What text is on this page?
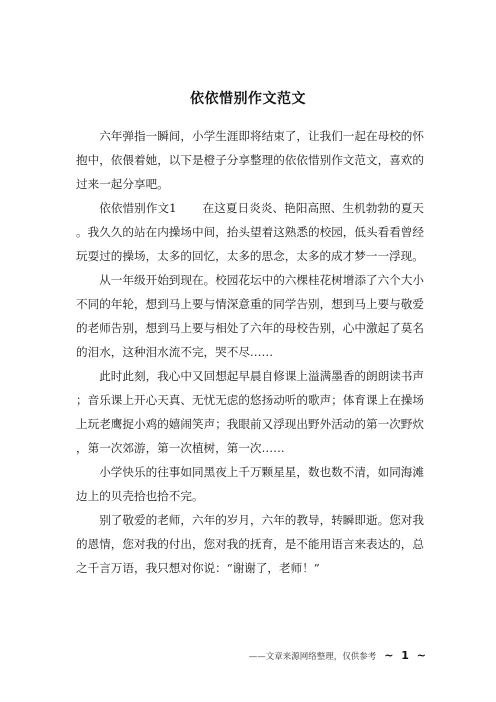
依依惜别作文范文

六年弹指一瞬间，小学生涯即将结束了，让我们一起在母校的怀抱中，依偎着她，以下是橙子分享整理的依依惜别作文范文，喜欢的过来一起分享吧。

依依惜别作文1 在这夏日炎炎、艳阳高照、生机勃勃的夏天。我久久的站在内操场中间，抬头望着这熟悉的校园，低头看看曾经玩耍过的操场，太多的回忆，太多的思念，太多的成才梦一一浮现。

从一年级开始到现在。校园花坛中的六棵桂花树增添了六个大小不同的年轮，想到马上要与情深意重的同学告别，想到马上要与敬爱的老师告别，想到马上要与相处了六年的母校告别，心中激起了莫名的泪水，这种泪水流不完，哭不尽……

此时此刻，我心中又回想起早晨自修课上溢满墨香的朗朗读书声；音乐课上开心天真、无忧无虑的悠扬动听的歌声；体育课上在操场上玩老鹰捉小鸡的嬉闹笑声；我眼前又浮现出野外活动的第一次野炊，第一次郊游，第一次植树，第一次……

小学快乐的往事如同黑夜上千万颗星星，数也数不清，如同海滩边上的贝壳拾也拾不完。

别了敬爱的老师，六年的岁月，六年的教导，转瞬即逝。您对我的恩情，您对我的付出，您对我的抚育，是不能用语言来表达的，总之千言万语，我只想对你说：“谢谢了，老师！”

——文章来源网络整理，仅供参考 ~ 1 ~
